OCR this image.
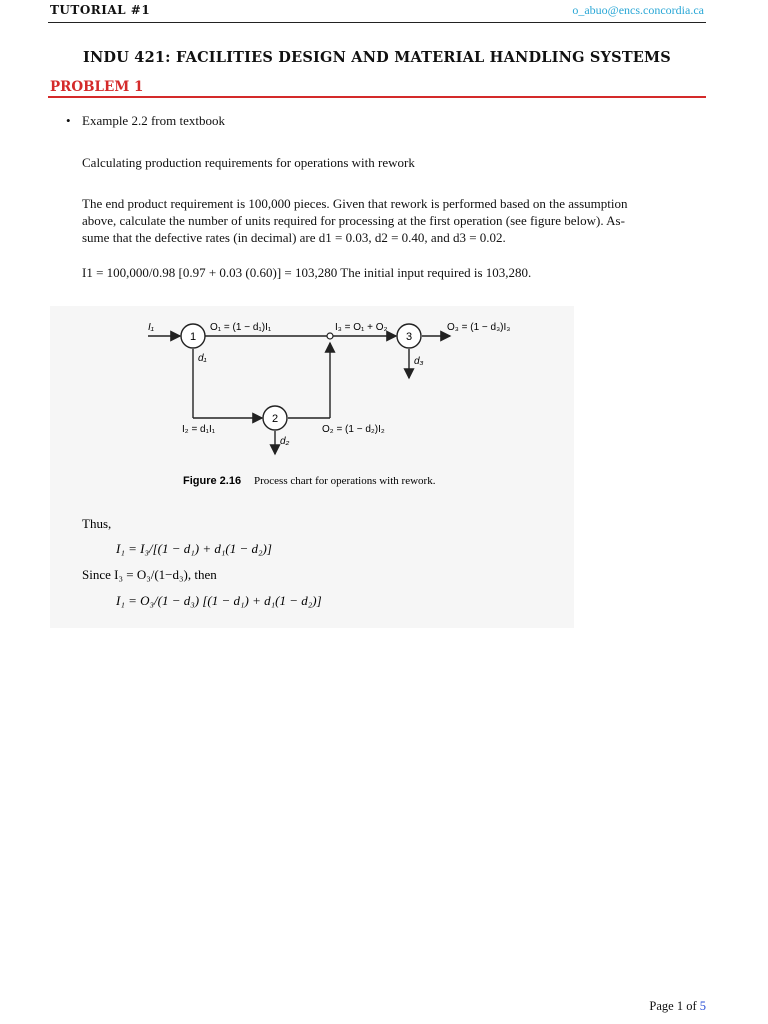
TUTORIAL #1	o_abuo@encs.concordia.ca
INDU 421: FACILITIES DESIGN AND MATERIAL HANDLING SYSTEMS
PROBLEM 1
• Example 2.2 from textbook
Calculating production requirements for operations with rework
The end product requirement is 100,000 pieces. Given that rework is performed based on the assumption
above, calculate the number of units required for processing at the first operation (see figure below). As-
sume that the defective rates (in decimal) are d1 = 0.03, d2 = 0.40, and d3 = 0.02.
I1 = 100,000/0.98 [0.97 + 0.03 (0.60)] = 103,280 The initial input required is 103,280.
1
2
3
I₁	O₁ = (1 − d₁)I₁
d₁
I₃ = O₁ + O₂	O₃ = (1 − d₃)I₃
d₃
I₂ = d₁I₁	O₂ = (1 − d₂)I₂
d₂
Figure 2.16 Process chart for operations with rework.
Thus,
I₁ = I₃/[(1 − d₁) + d₁(1 − d₂)]
Since I₃ = O₃/(1−d₃), then
I₁ = O₃/(1 − d₃) [(1 − d₁) + d₁(1 − d₂)]
Page 1 of 5
